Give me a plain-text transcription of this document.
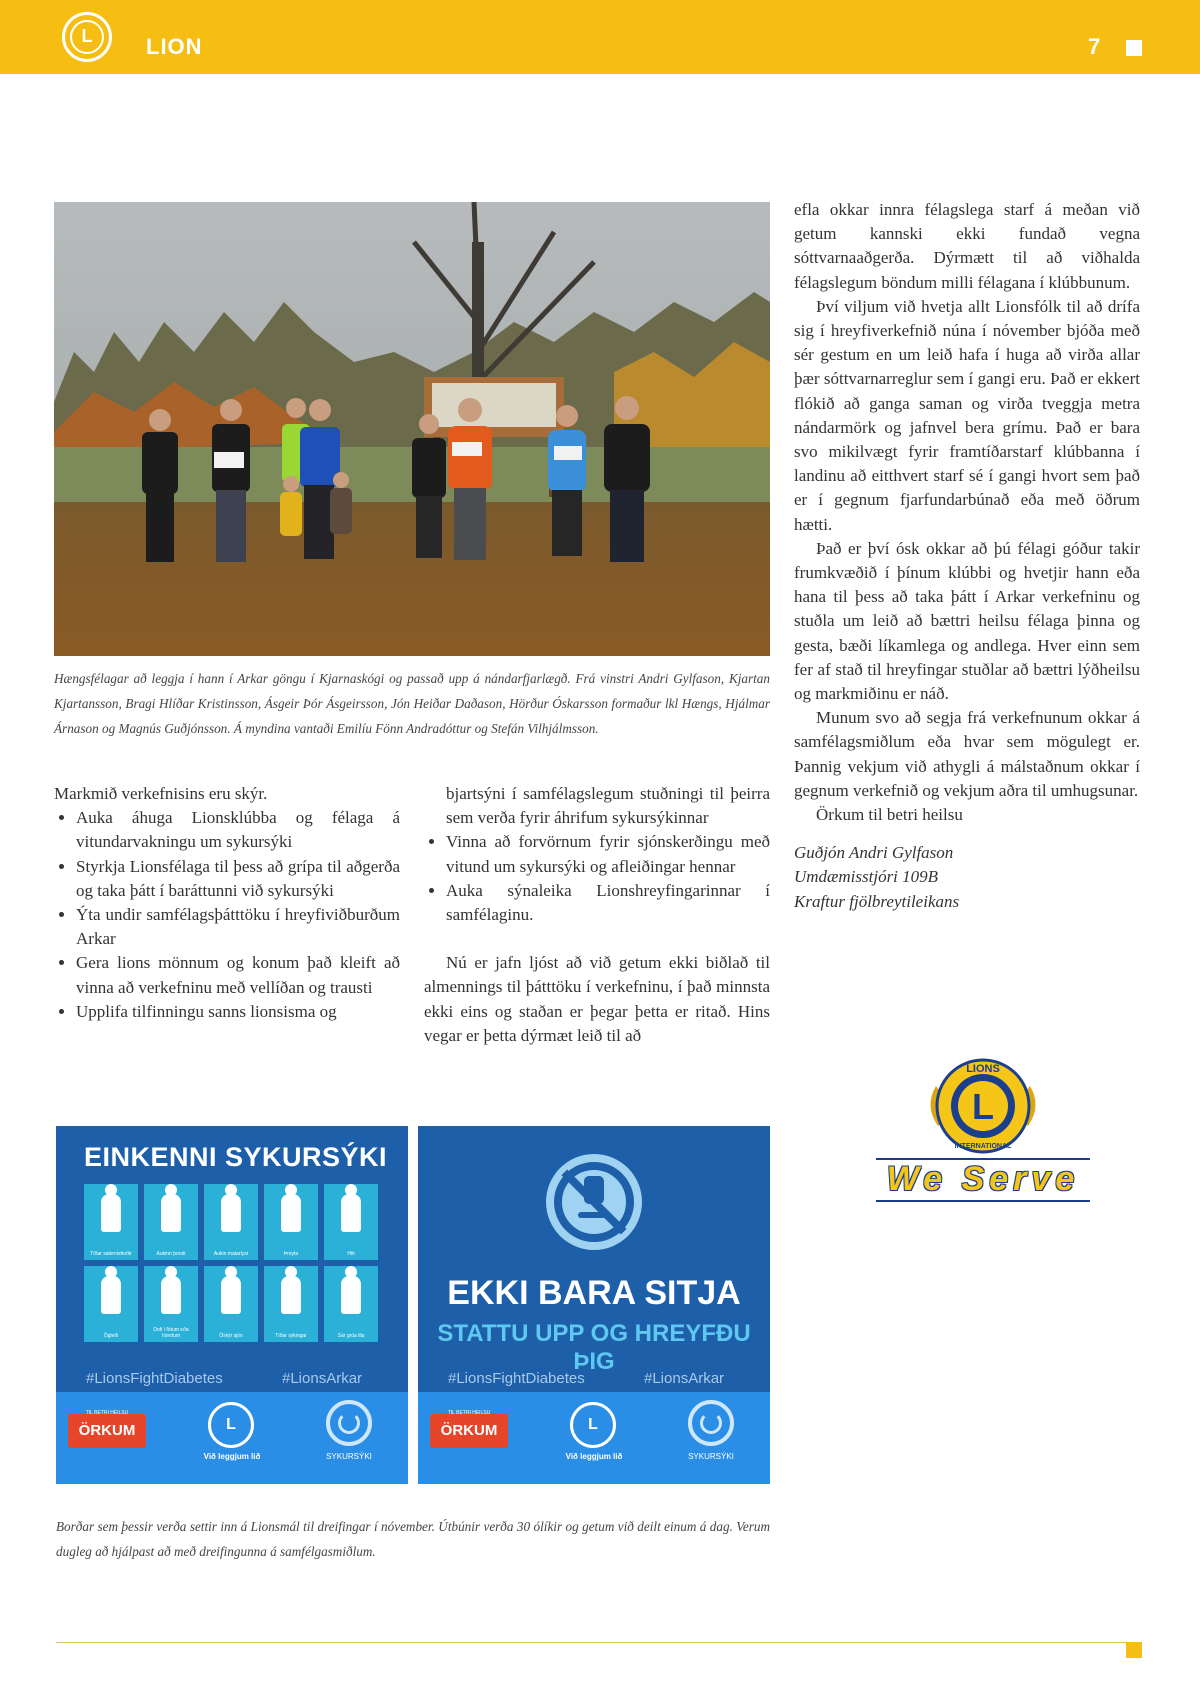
L	LION	7
Hængsfélagar að leggja í hann í Arkar göngu í Kjarnaskógi og passað upp á nándarfjarlægð. Frá vinstri Andri Gylfason, Kjartan Kjartansson, Bragi Hlíðar Kristinsson, Ásgeir Þór Ásgeirsson, Jón Heiðar Daðason, Hörður Óskarsson formaður lkl Hængs, Hjálmar Árnason og Magnús Guðjónsson. Á myndina vantaði Emilíu Fönn Andradóttur og Stefán Vilhjálmsson.

Markmið verkefnisins eru skýr.

• Auka áhuga Lionsklúbba og félaga á vitundarvakningu um sykursýki
• Styrkja Lionsfélaga til þess að grípa til aðgerða og taka þátt í baráttunni við sykursýki
• Ýta undir samfélagsþátttöku í hreyfiviðburðum Arkar
• Gera lions mönnum og konum það kleift að vinna að verkefninu með vellíðan og trausti
• Upplifa tilfinningu sanns lionsisma og

bjartsýni í samfélagslegum stuðningi til þeirra sem verða fyrir áhrifum sykursýkinnar

• Vinna að forvörnum fyrir sjónskerðingu með vitund um sykursýki og afleiðingar hennar
• Auka sýnaleika Lionshreyfingarinnar í samfélaginu.

Nú er jafn ljóst að við getum ekki biðlað til almennings til þátttöku í verkefninu, í það minnsta ekki eins og staðan er þegar þetta er ritað. Hins vegar er þetta dýrmæt leið til að

efla okkar innra félagslega starf á meðan við getum kannski ekki fundað vegna sóttvarnaaðgerða. Dýrmætt til að viðhalda félagslegum böndum milli félagana í klúbbunum.

Því viljum við hvetja allt Lionsfólk til að drífa sig í hreyfiverkefnið núna í nóvember bjóða með sér gestum en um leið hafa í huga að virða allar þær sóttvarnarreglur sem í gangi eru. Það er ekkert flókið að ganga saman og virða tveggja metra nándarmörk og jafnvel bera grímu. Það er bara svo mikilvægt fyrir framtíðarstarf klúbbanna í landinu að eitthvert starf sé í gangi hvort sem það er í gegnum fjarfundarbúnað eða með öðrum hætti.

Það er því ósk okkar að þú félagi góður takir frumkvæðið í þínum klúbbi og hvetjir hann eða hana til þess að taka þátt í Arkar verkefninu og stuðla um leið að bættri heilsu félaga þinna og gesta, bæði líkamlega og andlega. Hver einn sem fer af stað til hreyfingar stuðlar að bættri lýðheilsu og markmiðinu er náð.

Munum svo að segja frá verkefnunum okkar á samfélagsmiðlum eða hvar sem mögulegt er. Þannig vekjum við athygli á málstaðnum okkar í gegnum verkefnið og vekjum aðra til umhugsunar.

Örkum til betri heilsu

Guðjón Andri Gylfason
Umdæmisstjóri 109B
Kraftur fjölbreytileikans
LIONS
INTERNATIONAL
L
We Serve
EINKENNI SYKURSÝKI
Tíðar salernisferðir	Aukinn þorsti	Aukin matarlyst	Þreyta	Hiti
Ógleði
Dofi í fótum eða höndum	Óskýr sjón	Tíðar sýkingar	Sár gróa illa
#LionsFightDiabetes	#LionsArkar
TIL BETRI HEILSU
ÖRKUM	L
Við leggjum lið	SYKURSÝKI
EKKI BARA SITJA
STATTU UPP OG HREYFÐU ÞIG
#LionsFightDiabetes	#LionsArkar
TIL BETRI HEILSU
ÖRKUM	L
Við leggjum lið	SYKURSÝKI
Borðar sem þessir verða settir inn á Lionsmál til dreifingar í nóvember. Útbúnir verða 30 ólíkir og getum við deilt einum á dag. Verum dugleg að hjálpast að með dreifingunna á samfélgasmiðlum.
